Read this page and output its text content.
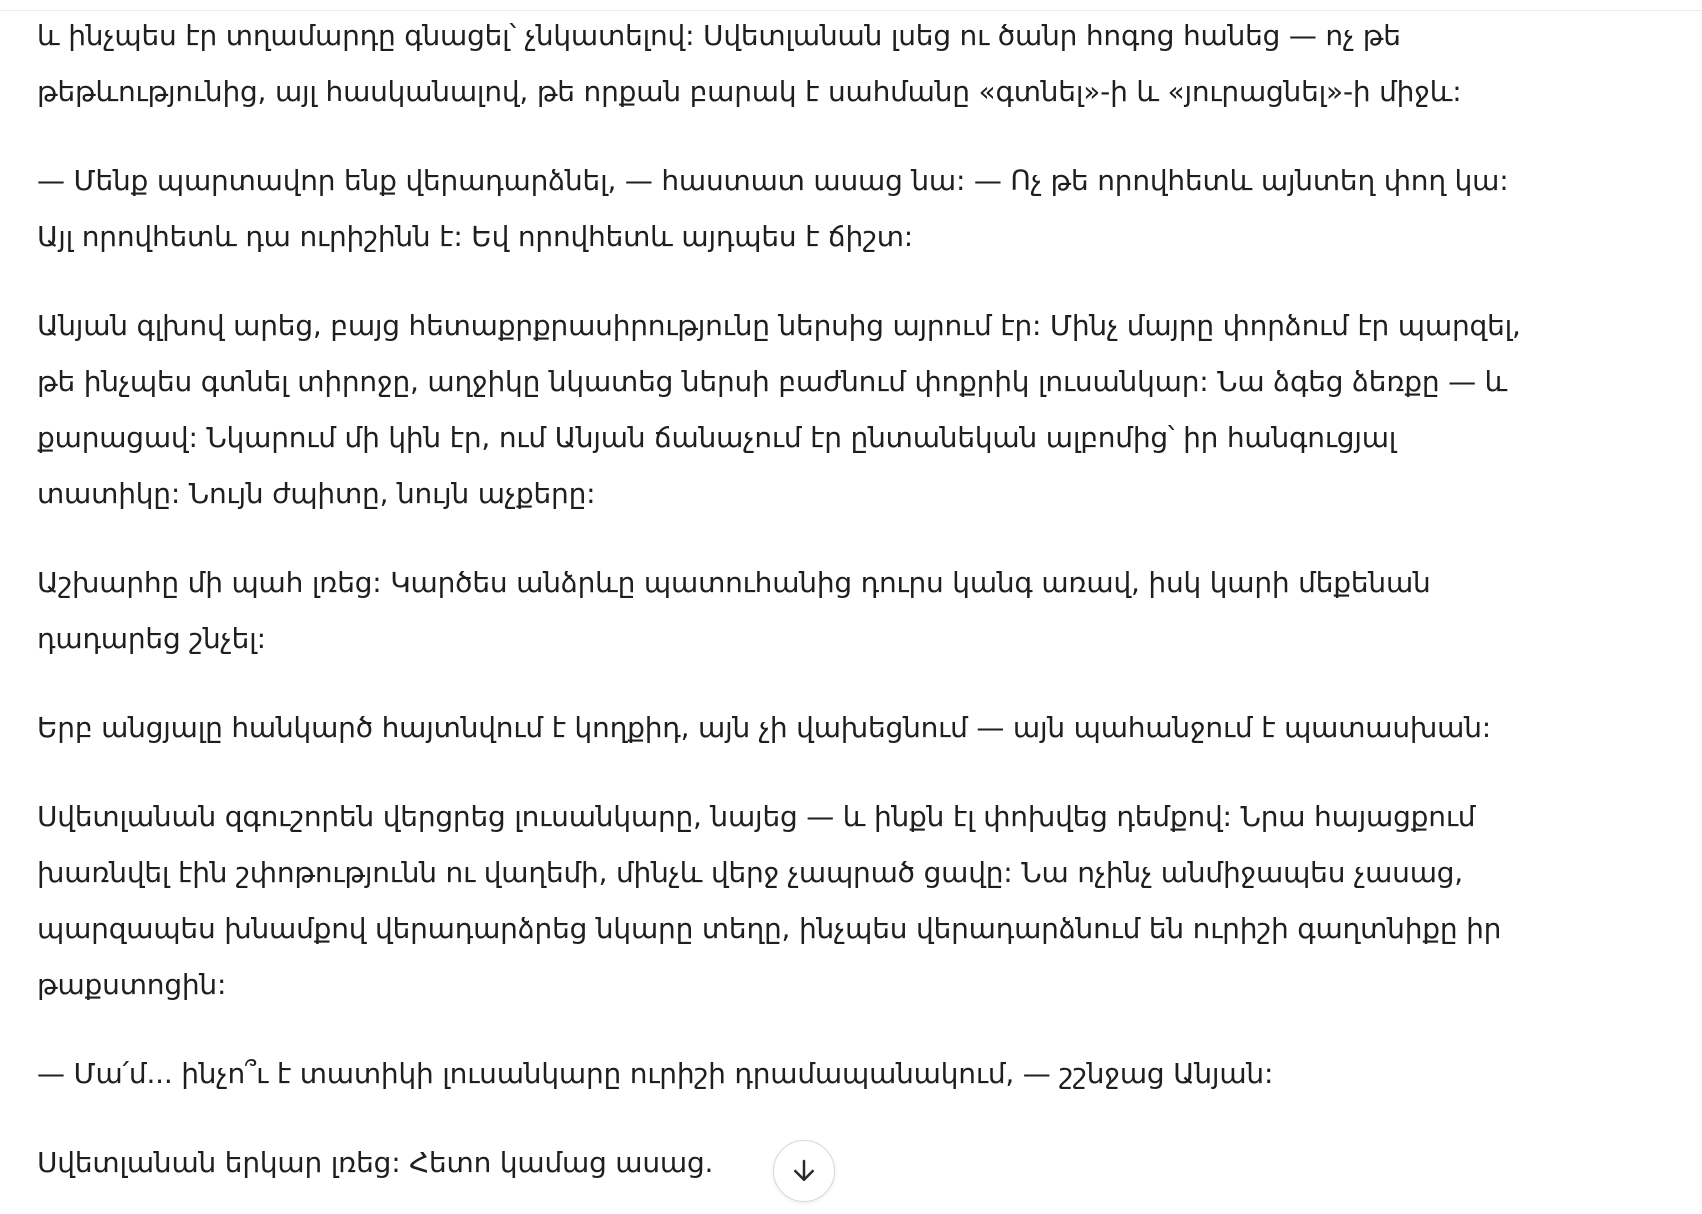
և ինչպես էր տղամարդը գնացել՝ չնկատելով: Սվետլանան լսեց ու ծանր հոգոց հանեց — ոչ թե
թեթևությունից, այլ հասկանալով, թե որքան բարակ է սահմանը «գտնել»-ի և «յուրացնել»-ի միջև:

— Մենք պարտավոր ենք վերադարձնել, — հաստատ ասաց նա: — Ոչ թե որովհետև այնտեղ փող կա:
Այլ որովհետև դա ուրիշինն է: Եվ որովհետև այդպես է ճիշտ:

Անյան գլխով արեց, բայց հետաքրքրասիրությունը ներսից այրում էր: Մինչ մայրը փորձում էր պարզել,
թե ինչպես գտնել տիրոջը, աղջիկը նկատեց ներսի բաժնում փոքրիկ լուսանկար: Նա ձգեց ձեռքը — և
քարացավ: Նկարում մի կին էր, ում Անյան ճանաչում էր ընտանեկան ալբոմից՝ իր հանգուցյալ
տատիկը: Նույն ժպիտը, նույն աչքերը:

Աշխարհը մի պահ լռեց: Կարծես անձրևը պատուհանից դուրս կանգ առավ, իսկ կարի մեքենան
դադարեց շնչել:

Երբ անցյալը հանկարծ հայտնվում է կողքիդ, այն չի վախեցնում — այն պահանջում է պատասխան:

Սվետլանան զգուշորեն վերցրեց լուսանկարը, նայեց — և ինքն էլ փոխվեց դեմքով: Նրա հայացքում
խառնվել էին շփոթությունն ու վաղեմի, մինչև վերջ չապրած ցավը: Նա ոչինչ անմիջապես չասաց,
պարզապես խնամքով վերադարձրեց նկարը տեղը, ինչպես վերադարձնում են ուրիշի գաղտնիքը իր
թաքստոցին:

— Մա՛մ... ինչո՞ւ է տատիկի լուսանկարը ուրիշի դրամապանակում, — շշնջաց Անյան:

Սվետլանան երկար լռեց: Հետո կամաց ասաց.
